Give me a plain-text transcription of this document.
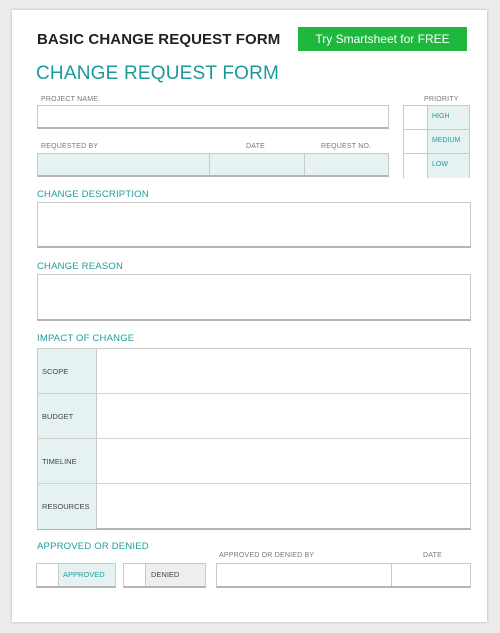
BASIC CHANGE REQUEST FORM	Try Smartsheet for FREE
CHANGE REQUEST FORM
PROJECT NAME	PRIORITY
HIGH
MEDIUM
LOW
REQUESTED BY	DATE	REQUEST NO.
CHANGE DESCRIPTION
CHANGE REASON
IMPACT OF CHANGE
SCOPE
BUDGET
TIMELINE
RESOURCES
APPROVED OR DENIED
APPROVED	DENIED
APPROVED OR DENIED BY	DATE
